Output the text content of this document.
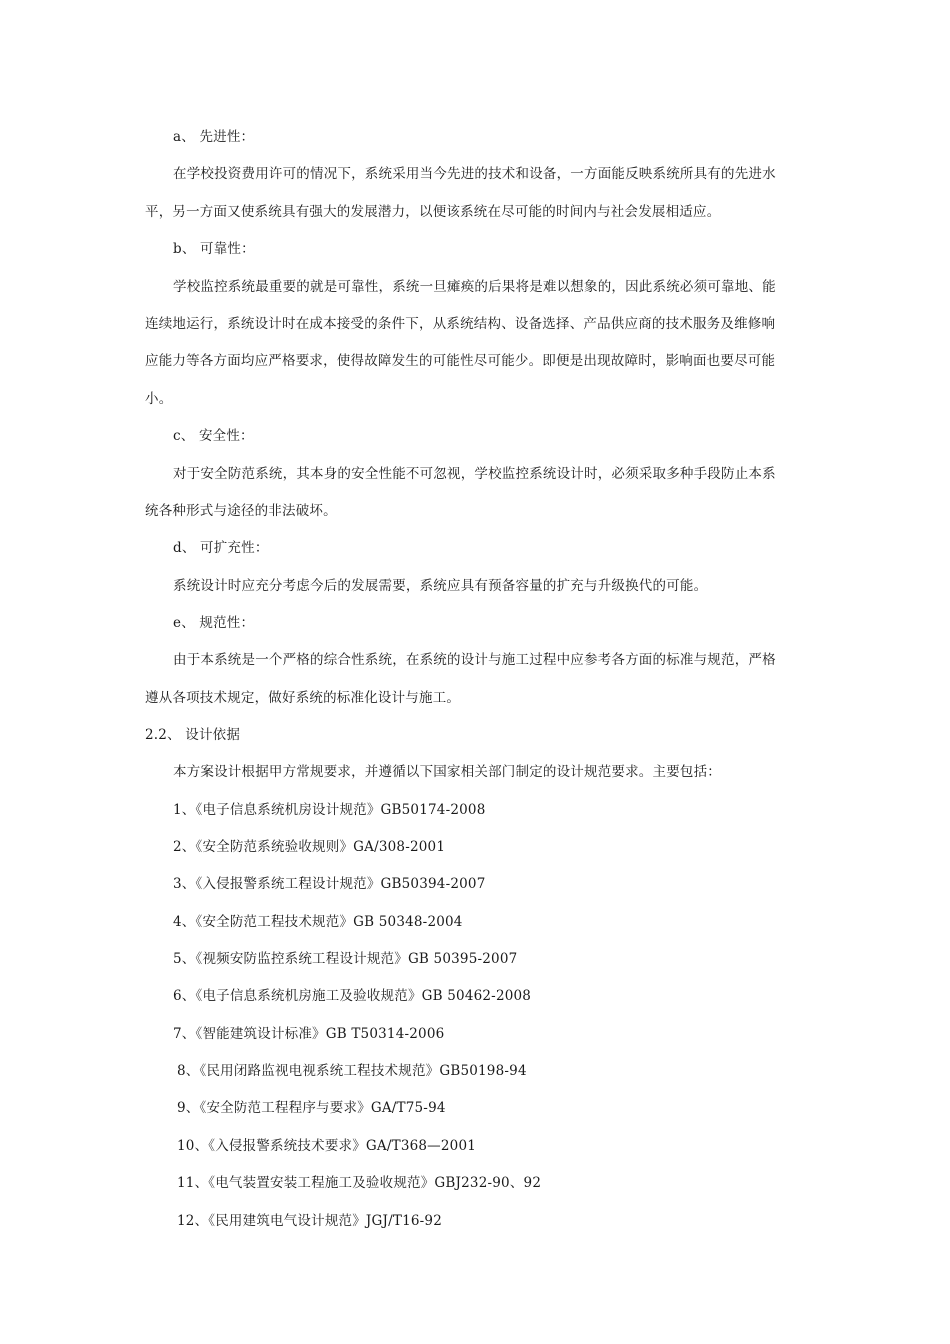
a、 先进性：
在学校投资费用许可的情况下，系统采用当今先进的技术和设备，一方面能反映系统所具有的先进水
平，另一方面又使系统具有强大的发展潜力，以便该系统在尽可能的时间内与社会发展相适应。
b、 可靠性：
学校监控系统最重要的就是可靠性，系统一旦瘫痪的后果将是难以想象的，因此系统必须可靠地、能
连续地运行，系统设计时在成本接受的条件下，从系统结构、设备选择、产品供应商的技术服务及维修响
应能力等各方面均应严格要求，使得故障发生的可能性尽可能少。即便是出现故障时，影响面也要尽可能
小。
c、 安全性：
对于安全防范系统，其本身的安全性能不可忽视，学校监控系统设计时，必须采取多种手段防止本系
统各种形式与途径的非法破坏。
d、 可扩充性：
系统设计时应充分考虑今后的发展需要，系统应具有预备容量的扩充与升级换代的可能。
e、 规范性：
由于本系统是一个严格的综合性系统，在系统的设计与施工过程中应参考各方面的标准与规范，严格
遵从各项技术规定，做好系统的标准化设计与施工。
2.2、 设计依据
本方案设计根据甲方常规要求，并遵循以下国家相关部门制定的设计规范要求。主要包括：
1、《电子信息系统机房设计规范》GB50174-2008
2、《安全防范系统验收规则》GA/308-2001
3、《入侵报警系统工程设计规范》GB50394-2007
4、《安全防范工程技术规范》GB 50348-2004
5、《视频安防监控系统工程设计规范》GB 50395-2007
6、《电子信息系统机房施工及验收规范》GB 50462-2008
7、《智能建筑设计标准》GB T50314-2006
8、《民用闭路监视电视系统工程技术规范》GB50198-94
9、《安全防范工程程序与要求》GA/T75-94
10、《入侵报警系统技术要求》GA/T368—2001
11、《电气装置安装工程施工及验收规范》GBJ232-90、92
12、《民用建筑电气设计规范》JGJ/T16-92
